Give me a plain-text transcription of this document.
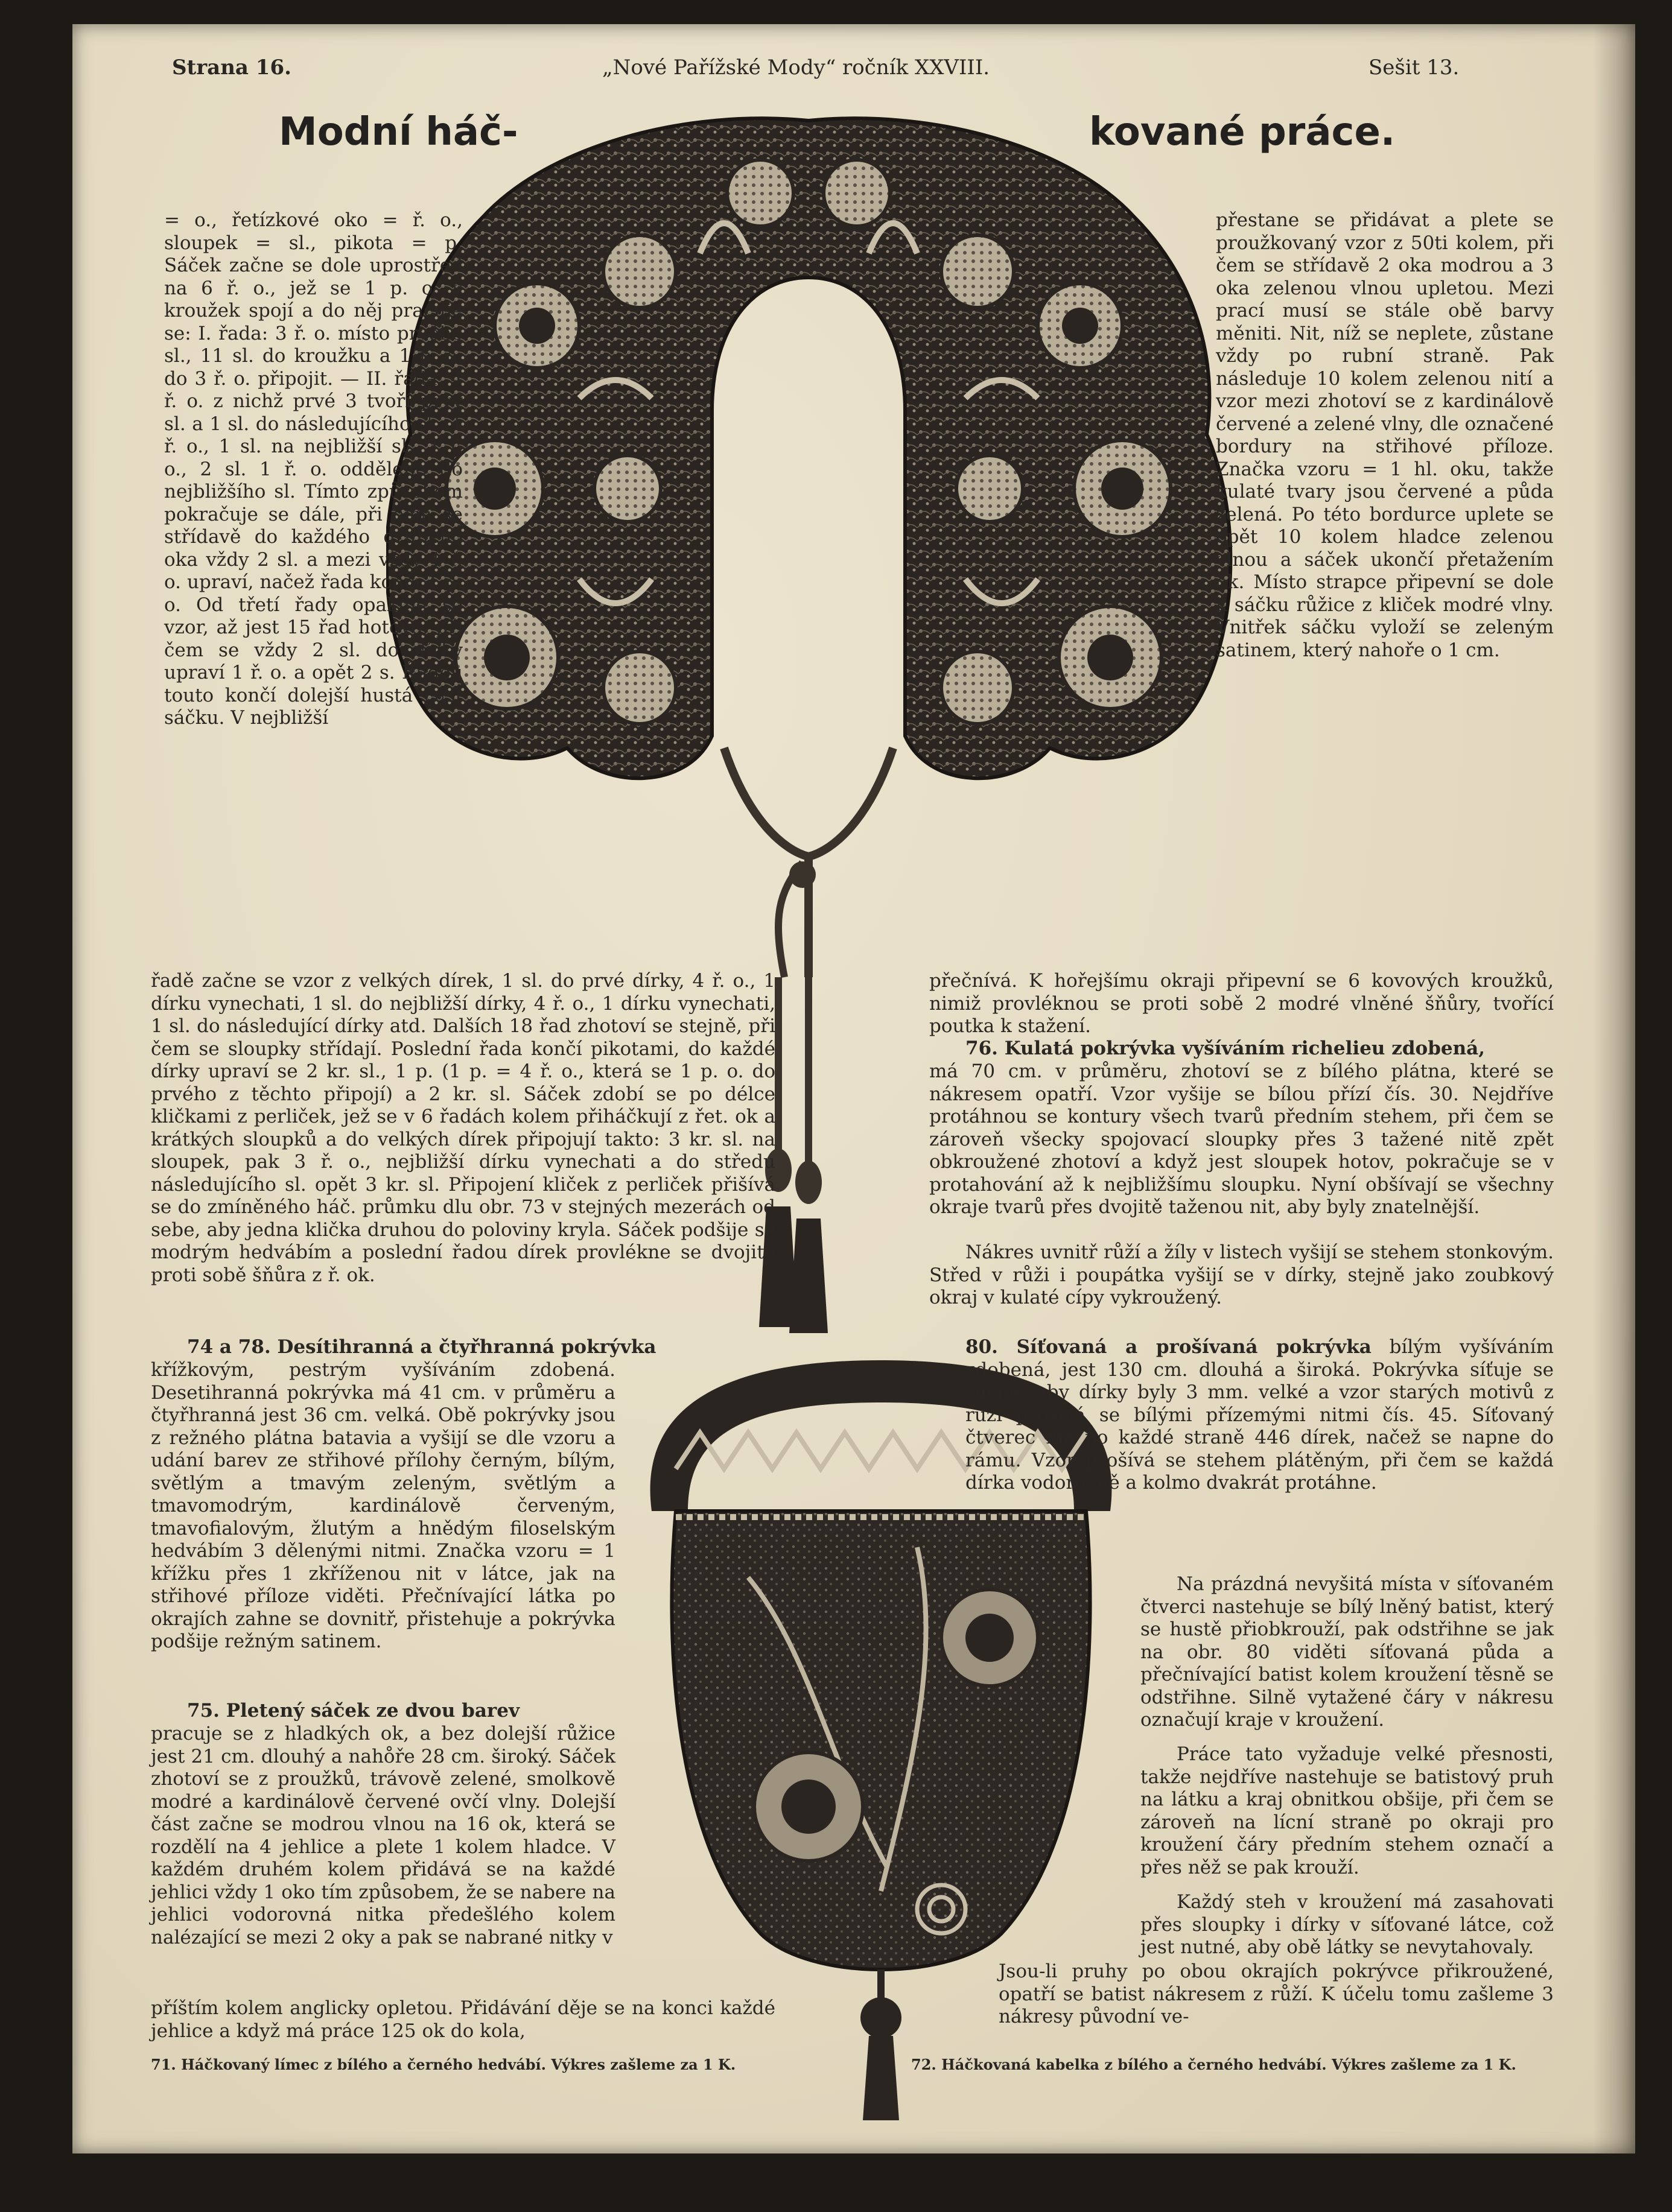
Strana 16.	„Nové Pařížské Mody“ ročník XXVIII.	Sešit 13.
Modní háč-	kované práce.
= o., řetízkové oko = ř. o., sloupek = sl., pikota = p. Sáček začne se dole uprostřed na 6 ř. o., jež se 1 p. o. v kroužek spojí a do něj pracuje se: I. řada: 3 ř. o. místo prvého sl., 11 sl. do kroužku a 1 p. o. do 3 ř. o. připojit. — II. řada: 4 ř. o. z nichž prvé 3 tvoří prvý sl. a 1 sl. do následujícího sl., 1 ř. o., 1 sl. na nejbližší sl., 1 ř. o., 2 sl. 1 ř. o. oddělené do nejbližšího sl. Tímto způsobem pokračuje se dále, při čem se střídavě do každého druhého oka vždy 2 sl. a mezi vždy 1 ř. o. upraví, načež řada končí 1 p. o. Od třetí řady opakuje se vzor, až jest 15 řad hotovo, při čem se vždy 2 sl. do dírky upraví 1 ř. o. a opět 2 s. Řadou touto končí dolejší hustá část sáčku. V nejbližší
řadě začne se vzor z velkých dírek, 1 sl. do prvé dírky, 4 ř. o., 1 dírku vynechati, 1 sl. do nejbližší dírky, 4 ř. o., 1 dírku vynechati, 1 sl. do následující dírky atd. Dalších 18 řad zhotoví se stejně, při čem se sloupky střídají. Poslední řada končí pikotami, do každé dírky upraví se 2 kr. sl., 1 p. (1 p. = 4 ř. o., která se 1 p. o. do prvého z těchto připojí) a 2 kr. sl. Sáček zdobí se po délce kličkami z perliček, jež se v 6 řadách kolem přiháčkují z řet. ok a krátkých sloupků a do velkých dírek připojují takto: 3 kr. sl. na sloupek, pak 3 ř. o., nejbližší dírku vynechati a do středu následujícího sl. opět 3 kr. sl. Připojení kliček z perliček přišívá se do zmíněného háč. průmku dlu obr. 73 v stejných mezerách od sebe, aby jedna klička druhou do poloviny kryla. Sáček podšije se modrým hedvábím a poslední řadou dírek provlékne se dvojitě proti sobě šňůra z ř. ok.
74 a 78. Desítihranná a čtyřhranná pokrývka
křížkovým, pestrým vyšíváním zdobená. Desetihranná pokrývka má 41 cm. v průměru a čtyřhranná jest 36 cm. velká. Obě pokrývky jsou z režného plátna batavia a vyšijí se dle vzoru a udání barev ze střihové přílohy černým, bílým, světlým a tmavým zeleným, světlým a tmavomodrým, kardinálově červeným, tmavofialovým, žlutým a hnědým filoselským hedvábím 3 dělenými nitmi. Značka vzoru = 1 křížku přes 1 zkříženou nit v látce, jak na střihové příloze viděti. Přečnívající látka po okrajích zahne se dovnitř, přistehuje a pokrývka podšije režným satinem.
75. Pletený sáček ze dvou barev
pracuje se z hladkých ok, a bez dolejší růžice jest 21 cm. dlouhý a naho̊ře 28 cm. široký. Sáček zhotoví se z proužků, trávově zelené, smolkově modré a kardinálově červené ovčí vlny. Dolejší část začne se modrou vlnou na 16 ok, která se rozdělí na 4 jehlice a plete 1 kolem hladce. V každém druhém kolem přidává se na každé jehlici vždy 1 oko tím způsobem, že se nabere na jehlici vodorovná nitka předešlého kolem nalézající se mezi 2 oky a pak se nabrané nitky v
příštím kolem anglicky opletou. Přidávání děje se na konci každé jehlice a když má práce 125 ok do kola,
přestane se přidávat a plete se proužkovaný vzor z 50ti kolem, při čem se střídavě 2 oka modrou a 3 oka zelenou vlnou upletou. Mezi prací musí se stále obě barvy měniti. Nit, níž se neplete, zůstane vždy po rubní straně. Pak následuje 10 kolem zelenou nití a vzor mezi zhotoví se z kardinálově červené a zelené vlny, dle označené bordury na střihové příloze. Značka vzoru = 1 hl. oku, takže kulaté tvary jsou červené a půda zelená. Po této bordurce uplete se opět 10 kolem hladce zelenou vlnou a sáček ukončí přetažením ok. Místo strapce připevní se dole k sáčku růžice z kliček modré vlny. Vnitřek sáčku vyloží se zeleným satinem, který nahoře o 1 cm.
přečnívá. K hořejšímu okraji připevní se 6 kovových kroužků, nimiž provléknou se proti sobě 2 modré vlněné šňůry, tvořící poutka k stažení.
76. Kulatá pokrývka vyšíváním richelieu zdobená,
má 70 cm. v průměru, zhotoví se z bílého plátna, které se nákresem opatří. Vzor vyšije se bílou přízí čís. 30. Nejdříve protáhnou se kontury všech tvarů předním stehem, při čem se zároveň všecky spojovací sloupky přes 3 tažené nitě zpět obkroužené zhotoví a když jest sloupek hotov, pokračuje se v protahování až k nejbližšímu sloupku. Nyní obšívají se všechny okraje tvarů přes dvojitě taženou nit, aby byly znatelnější.
Nákres uvnitř růží a žíly v listech vyšijí se stehem stonkovým. Střed v růži i poupátka vyšijí se v dírky, stejně jako zoubkový okraj v kulaté cípy vykroužený.
80. Síťovaná a prošívaná pokrývka bílým vyšíváním zdobená, jest 130 cm. dlouhá a široká. Pokrývka síťuje se ručně, aby dírky byly 3 mm. velké a vzor starých motivů z růží prošívá se bílými přízemými nitmi čís. 45. Síťovaný čtverec má po každé straně 446 dírek, načež se napne do rámu. Vzor prošívá se stehem plátěným, při čem se každá dírka vodorovně a kolmo dvakrát protáhne.
Na prázdná nevyšitá místa v síťovaném čtverci nastehuje se bílý lněný batist, který se hustě přiobkrouží, pak odstřihne se jak na obr. 80 viděti síťovaná půda a přečnívající batist kolem kroužení těsně se odstřihne. Silně vytažené čáry v nákresu označují kraje v kroužení.
Práce tato vyžaduje velké přesnosti, takže nejdříve nastehuje se batistový pruh na látku a kraj obnitkou obšije, při čem se zároveň na lícní straně po okraji pro kroužení čáry předním stehem označí a přes něž se pak krouží.
Každý steh v kroužení má zasahovati přes sloupky i dírky v síťované látce, což jest nutné, aby obě látky se nevytahovaly.
Jsou-li pruhy po obou okrajích pokrývce přikroužené, opatří se batist nákresem z růží. K účelu tomu zašleme 3 nákresy původní ve-
71. Háčkovaný límec z bílého a černého hedvábí. Výkres zašleme za 1 K.	72. Háčkovaná kabelka z bílého a černého hedvábí. Výkres zašleme za 1 K.
